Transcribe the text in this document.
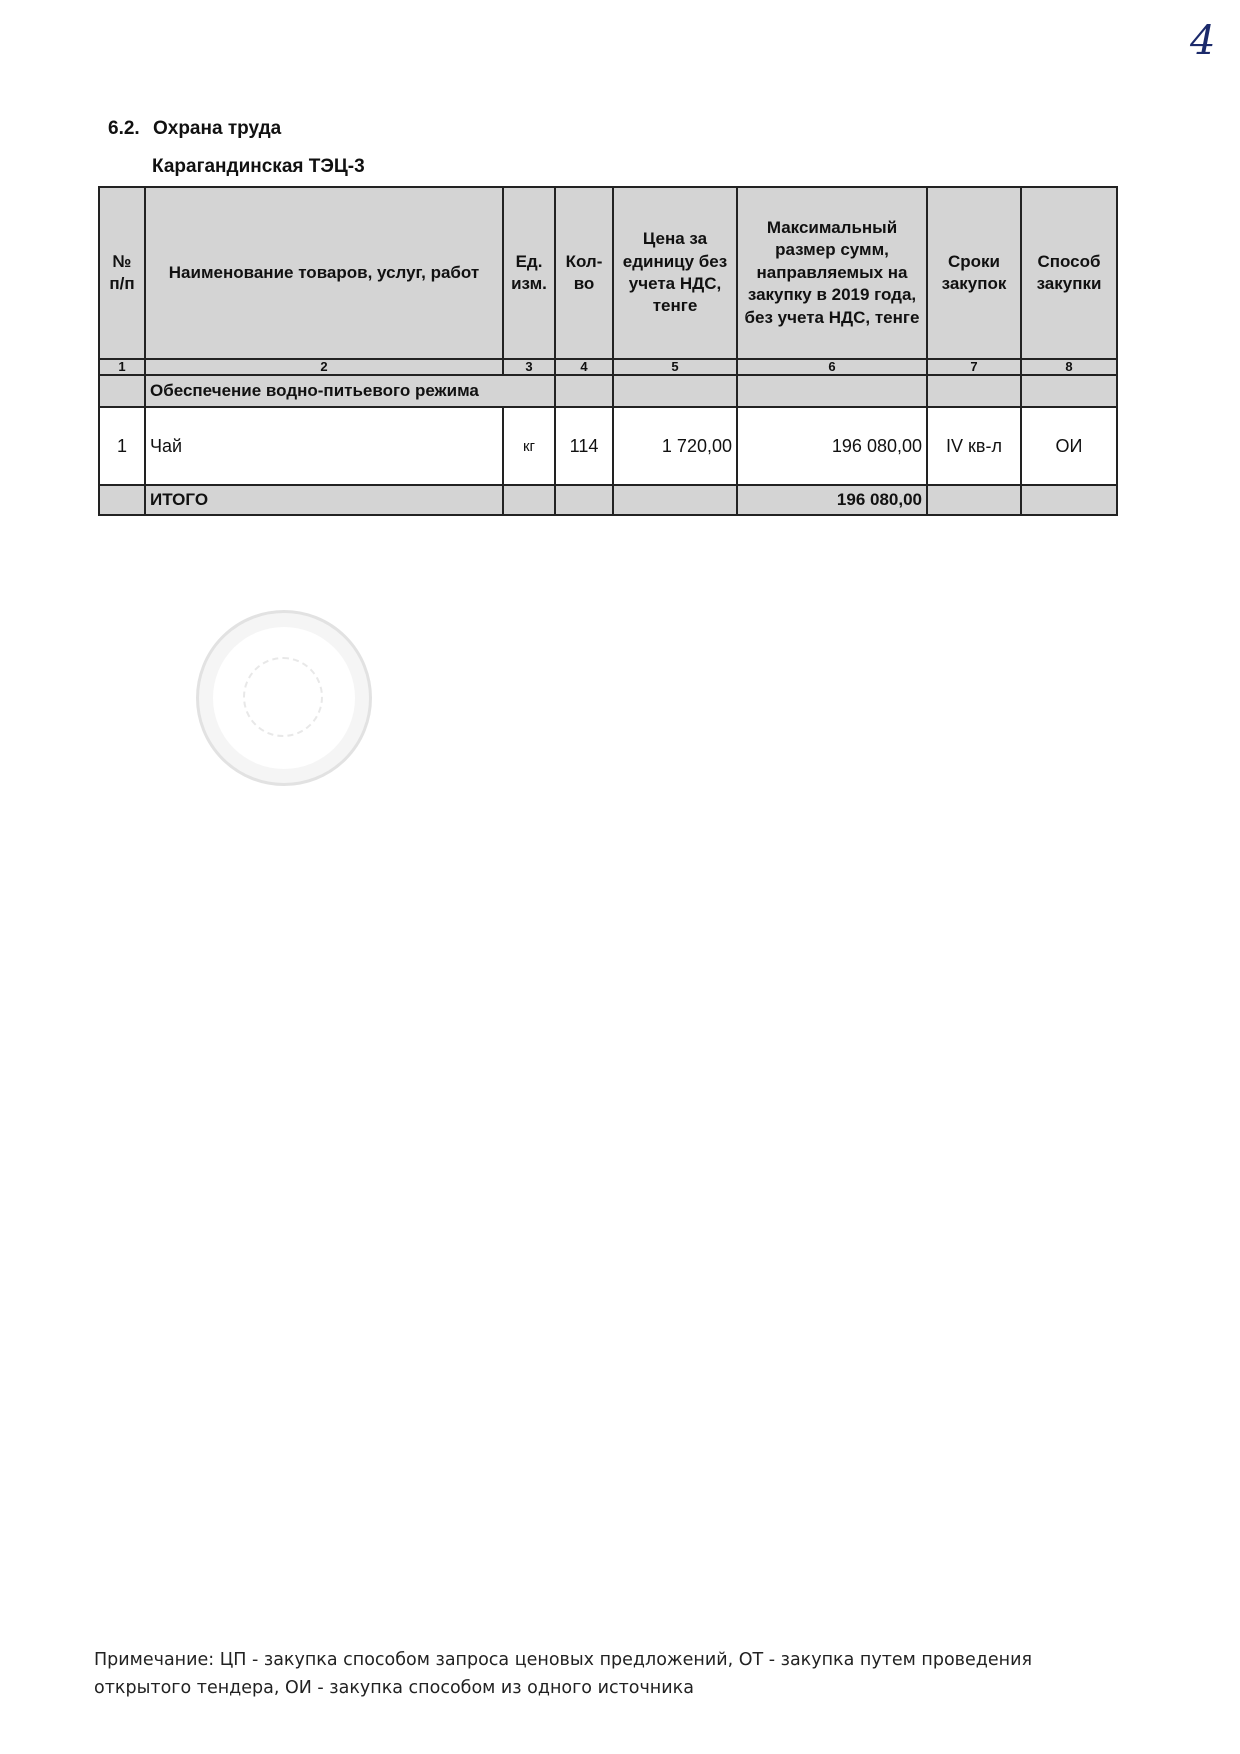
4
6.2. Охрана труда
Карагандинская ТЭЦ-3
№ п/п	Наименование товаров, услуг, работ	Ед. изм.	Кол-во	Цена за единицу без учета НДС, тенге	Максимальный размер сумм, направляемых на закупку в 2019 года, без учета НДС, тенге	Сроки закупок	Способ закупки
1	2	3	4	5	6	7	8
	Обеспечение водно-питьевого режима						
1	Чай	кг	114	1 720,00	196 080,00	IV кв-л	ОИ
	ИТОГО				196 080,00		
Примечание: ЦП - закупка способом запроса ценовых предложений, ОТ - закупка путем проведения открытого тендера, ОИ - закупка способом из одного источника
